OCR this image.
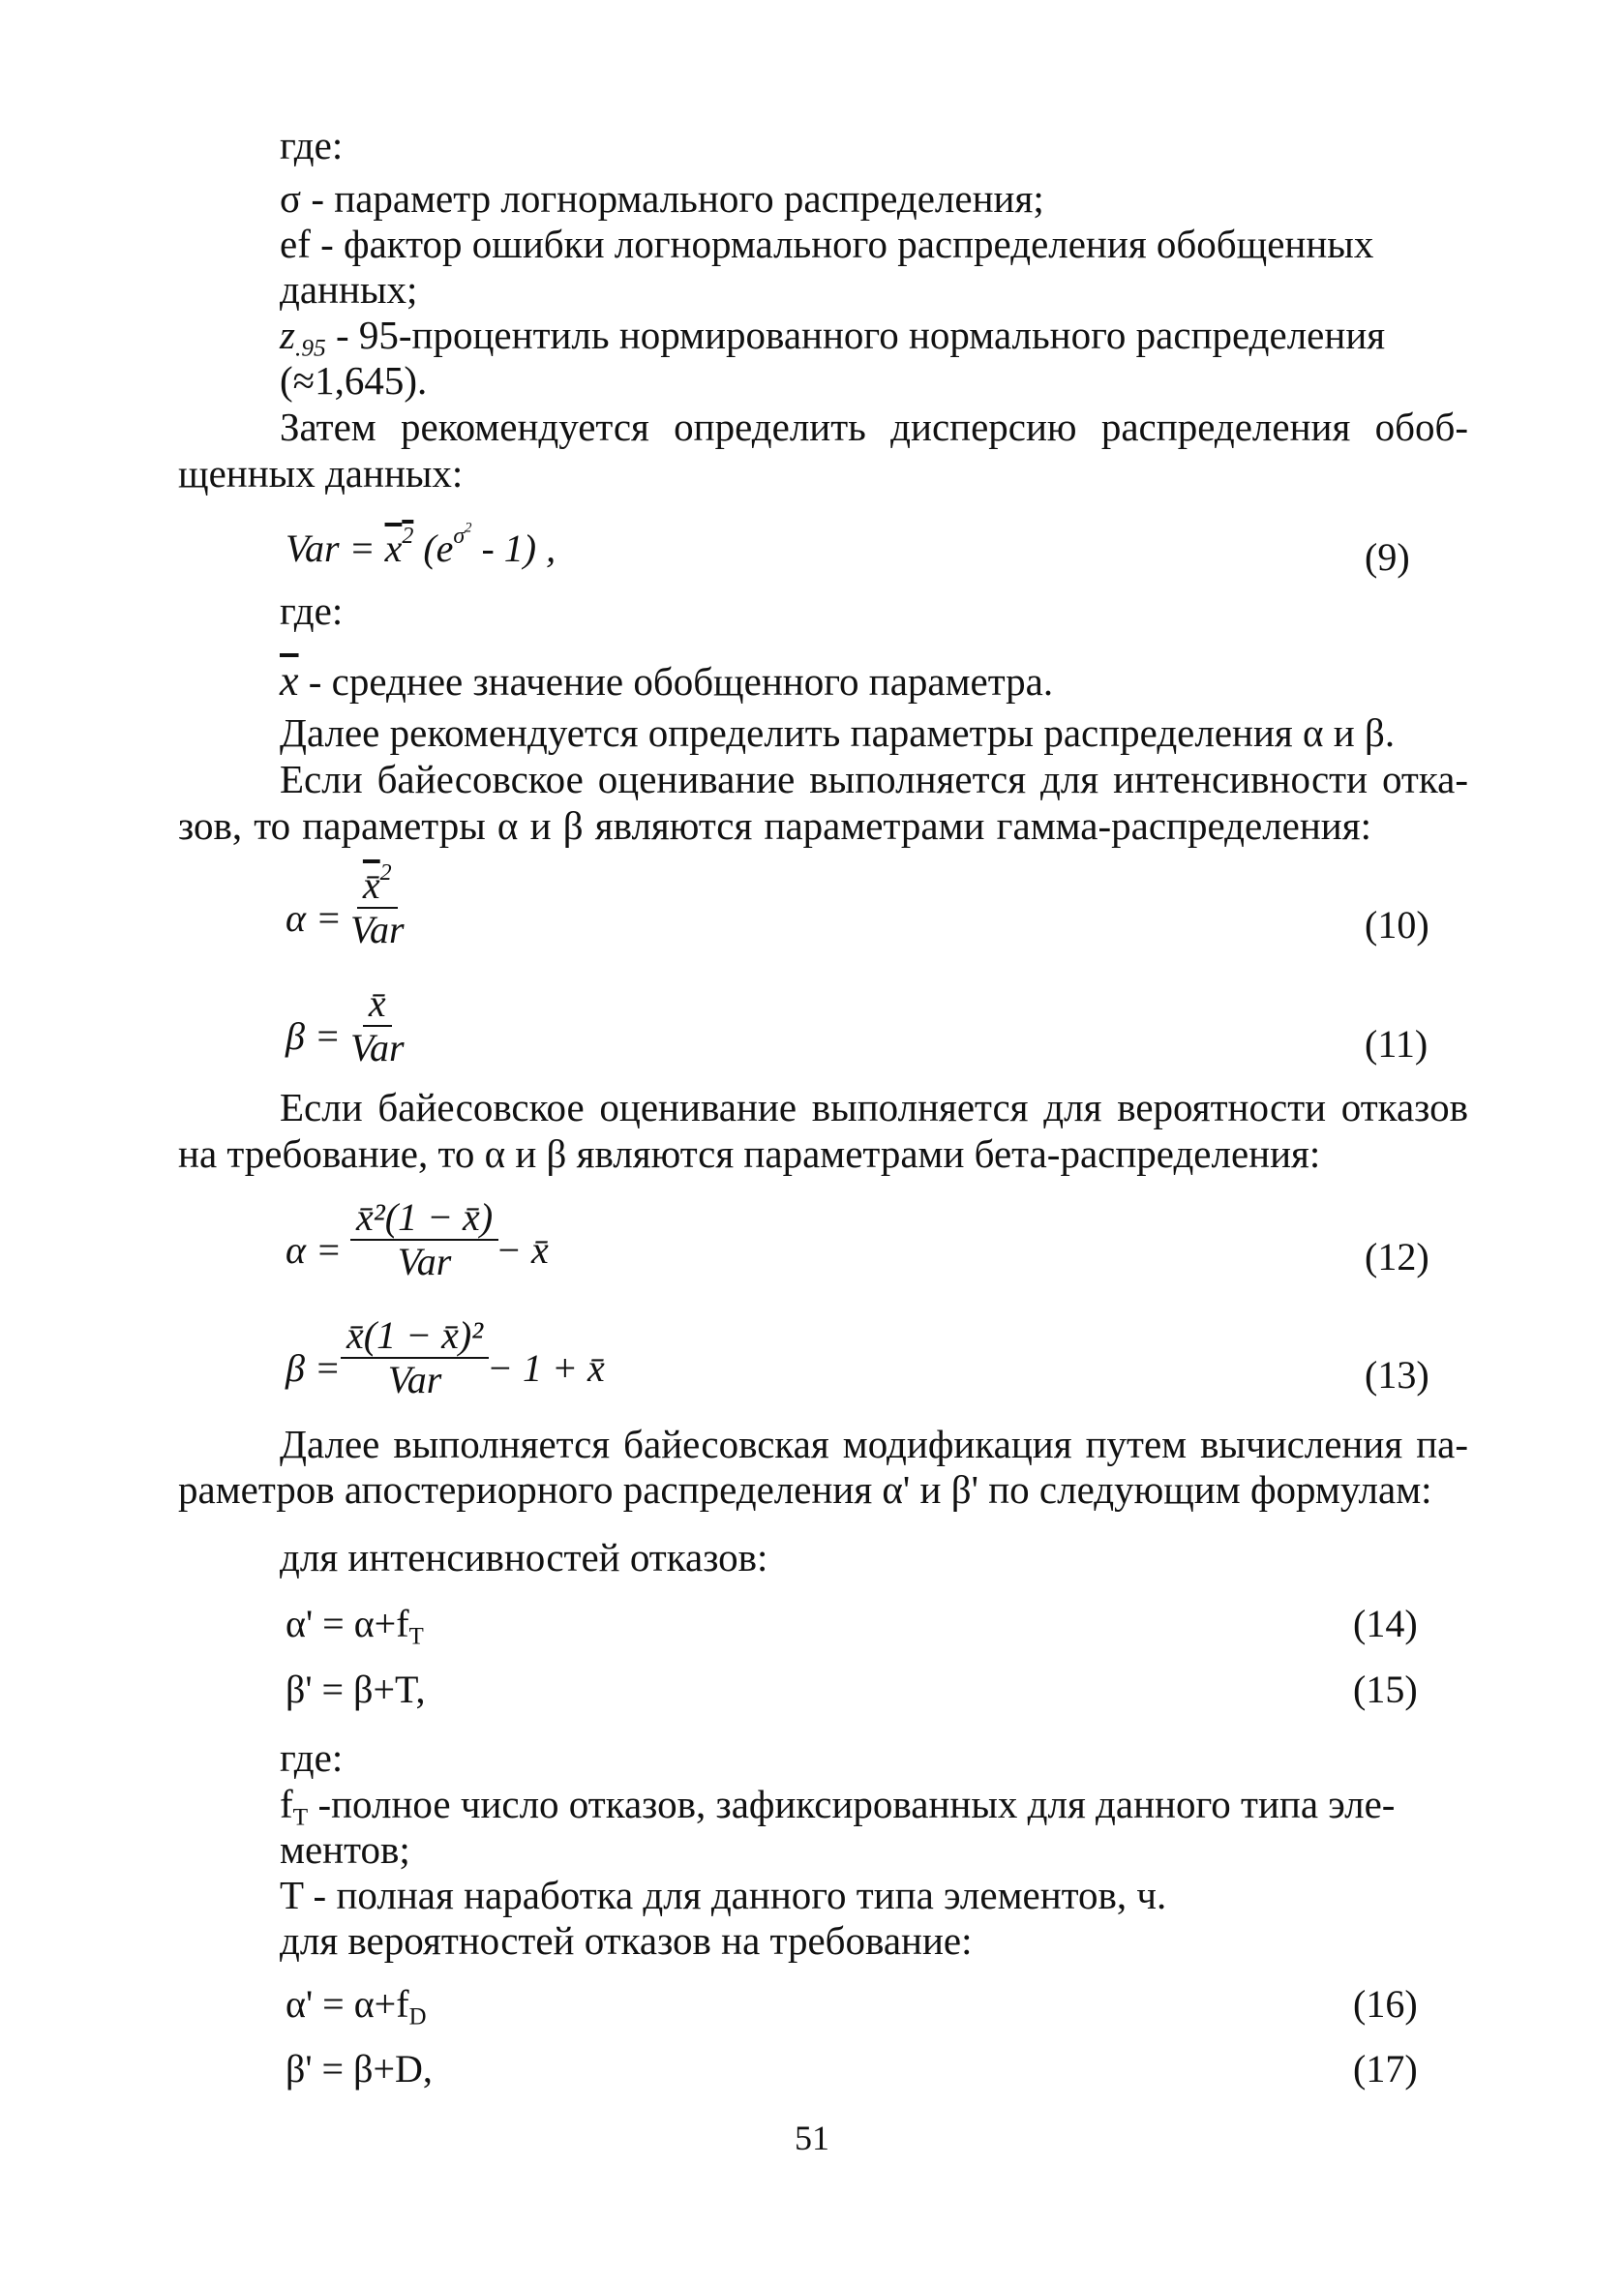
где:
σ - параметр логнормального распределения;
ef - фактор ошибки логнормального распределения обобщенных
данных;
$z_{.95}$ - 95-процентиль нормированного нормального распределения
(≈1,645).
Затем рекомендуется определить дисперсию распределения обоб-
щенных данных:
Var = $x^2$ $(e^{\sigma^2} - 1)$ ,	(9)
где:
$\overline{x}$ - среднее значение обобщенного параметра.
Далее рекомендуется определить параметры распределения α и β.
Если байесовское оценивание выполняется для интенсивности отка-
зов, то параметры α и β являются параметрами гамма-распределения:
α =
x̄$^2$
Var	(10)
β =
x̄
Var	(11)
Если байесовское оценивание выполняется для вероятности отказов
на требование, то α и β являются параметрами бета-распределения:
α =
x̄²(1 − x̄)
Var − x̄	(12)
β =
x̄(1 − x̄)²
Var − 1 + x̄	(13)
Далее выполняется байесовская модификация путем вычисления па-
раметров апостериорного распределения α' и β' по следующим формулам:
для интенсивностей отказов:
$\alpha' = \alpha+f_T$	(14)
β' = β+T,	(15)
где:
$f_T$ -полное число отказов, зафиксированных для данного типа эле-
ментов;
T - полная наработка для данного типа элементов, ч.
для вероятностей отказов на требование:
$\alpha' = \alpha+f_D$	(16)
β' = β+D,	(17)
51
